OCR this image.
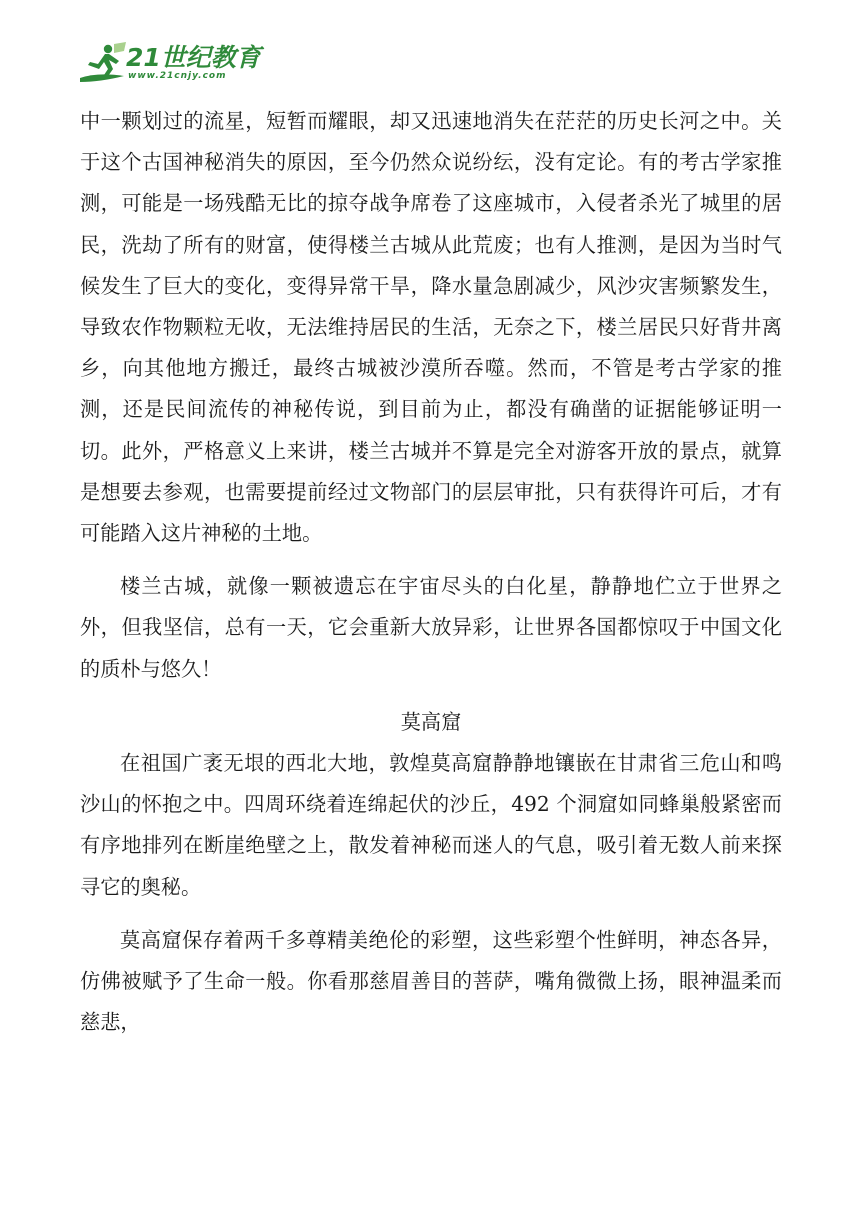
21世纪教育
www.21cnjy.com

中一颗划过的流星，短暂而耀眼，却又迅速地消失在茫茫的历史长河之中。关于这个古国神秘消失的原因，至今仍然众说纷纭，没有定论。有的考古学家推测，可能是一场残酷无比的掠夺战争席卷了这座城市，入侵者杀光了城里的居民，洗劫了所有的财富，使得楼兰古城从此荒废；也有人推测，是因为当时气候发生了巨大的变化，变得异常干旱，降水量急剧减少，风沙灾害频繁发生，导致农作物颗粒无收，无法维持居民的生活，无奈之下，楼兰居民只好背井离乡，向其他地方搬迁，最终古城被沙漠所吞噬。然而，不管是考古学家的推测，还是民间流传的神秘传说，到目前为止，都没有确凿的证据能够证明一切。此外，严格意义上来讲，楼兰古城并不算是完全对游客开放的景点，就算是想要去参观，也需要提前经过文物部门的层层审批，只有获得许可后，才有可能踏入这片神秘的土地。

楼兰古城，就像一颗被遗忘在宇宙尽头的白化星，静静地伫立于世界之外，但我坚信，总有一天，它会重新大放异彩，让世界各国都惊叹于中国文化的质朴与悠久！

莫高窟

在祖国广袤无垠的西北大地，敦煌莫高窟静静地镶嵌在甘肃省三危山和鸣沙山的怀抱之中。四周环绕着连绵起伏的沙丘，492 个洞窟如同蜂巢般紧密而有序地排列在断崖绝壁之上，散发着神秘而迷人的气息，吸引着无数人前来探寻它的奥秘。

莫高窟保存着两千多尊精美绝伦的彩塑，这些彩塑个性鲜明，神态各异，仿佛被赋予了生命一般。你看那慈眉善目的菩萨，嘴角微微上扬，眼神温柔而慈悲，
